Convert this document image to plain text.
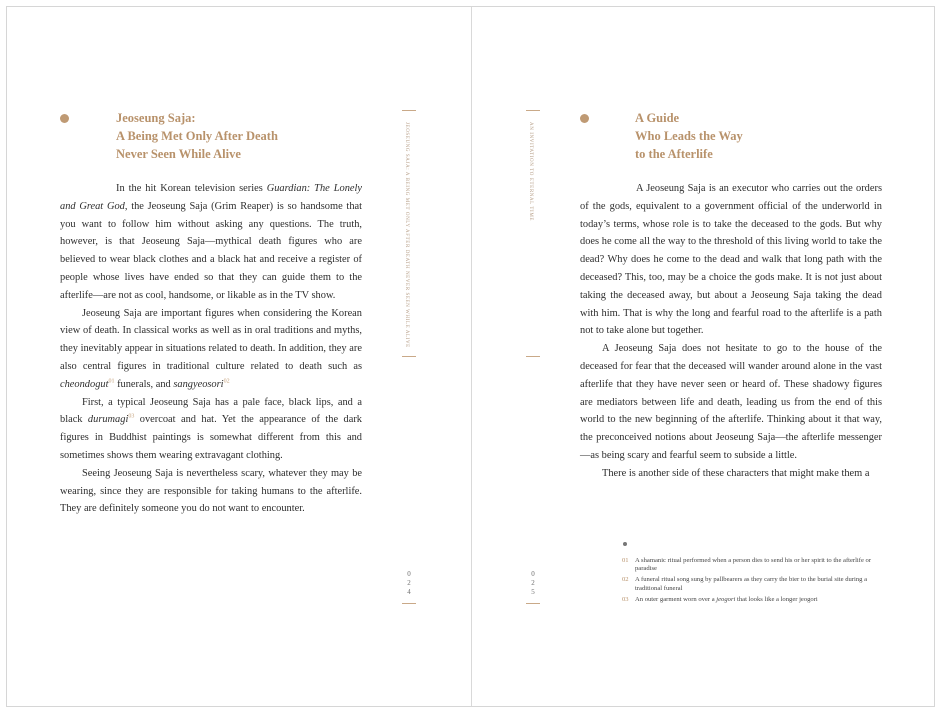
Jeoseung Saja:
A Being Met Only After Death
Never Seen While Alive

In the hit Korean television series Guardian: The Lonely and Great God, the Jeoseung Saja (Grim Reaper) is so handsome that you want to follow him without asking any questions. The truth, however, is that Jeoseung Saja—mythical death figures who are believed to wear black clothes and a black hat and receive a register of people whose lives have ended so that they can guide them to the afterlife—are not as cool, handsome, or likable as in the TV show.

Jeoseung Saja are important figures when considering the Korean view of death. In classical works as well as in oral traditions and myths, they inevitably appear in situations related to death. In addition, they are also central figures in traditional culture related to death such as cheondogut$^{01}$ funerals, and sangyeosori$^{02}$

First, a typical Jeoseung Saja has a pale face, black lips, and a black durumagi$^{03}$ overcoat and hat. Yet the appearance of the dark figures in Buddhist paintings is somewhat different from this and sometimes shows them wearing extravagant clothing.

Seeing Jeoseung Saja is nevertheless scary, whatever they may be wearing, since they are responsible for taking humans to the afterlife. They are definitely someone you do not want to encounter.

JEOSEUNG SAJA: A BEING MET ONLY AFTER DEATH NEVER SEEN WHILE ALIVE
0
2
4
AN INVITATION TO ETERNAL TIME
0
2
5
A Guide
Who Leads the Way
to the Afterlife

A Jeoseung Saja is an executor who carries out the orders of the gods, equivalent to a government official of the underworld in today’s terms, whose role is to take the deceased to the gods. But why does he come all the way to the threshold of this living world to take the dead? Why does he come to the dead and walk that long path with the deceased? This, too, may be a choice the gods make. It is not just about taking the deceased away, but about a Jeoseung Saja taking the dead with him. That is why the long and fearful road to the afterlife is a path not to take alone but together.

A Jeoseung Saja does not hesitate to go to the house of the deceased for fear that the deceased will wander around alone in the vast afterlife that they have never seen or heard of. These shadowy figures are mediators between life and death, leading us from the end of this world to the new beginning of the afterlife. Thinking about it that way, the preconceived notions about Jeoseung Saja—the afterlife messenger—as being scary and fearful seem to subside a little.

There is another side of these characters that might make them a

01 A shamanic ritual performed when a person dies to send his or her spirit to the afterlife or paradise
02 A funeral ritual song sung by pallbearers as they carry the bier to the burial site during a traditional funeral
03 An outer garment worn over a jeogori that looks like a longer jeogori
